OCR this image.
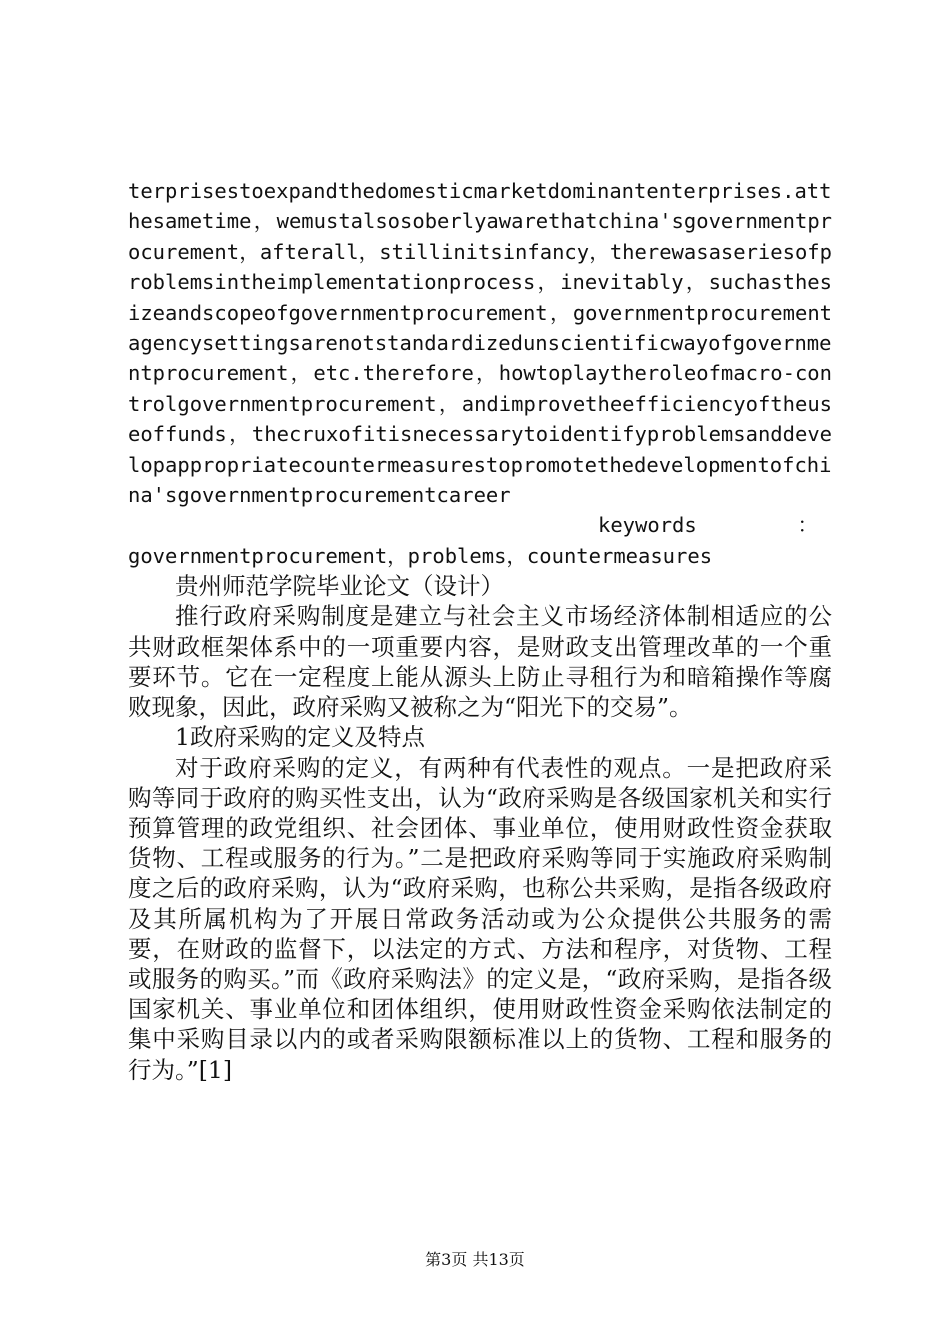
terprisestoexpandthedomesticmarketdominantenterprises.atthesametime，wemustalsosoberlyawarethatchina'sgovernmentprocurement，afterall，stillinitsinfancy，therewasaseriesofproblemsintheimplementationprocess，inevitably，suchasthesizeandscopeofgovernmentprocurement，governmentprocurementagencysettingsarenotstandardizedunscientificwayofgovernmentprocurement，etc.therefore，howtoplaytheroleofmacro-controlgovernmentprocurement，andimprovetheefficiencyoftheuseoffunds，thecruxofitisnecessarytoidentifyproblemsanddevelopappropriatecountermeasurestopromotethedevelopmentofchina'sgovernmentprocurementcareer

keywords	：

governmentprocurement，problems，countermeasures

贵州师范学院毕业论文（设计）

推行政府采购制度是建立与社会主义市场经济体制相适应的公共财政框架体系中的一项重要内容，是财政支出管理改革的一个重要环节。它在一定程度上能从源头上防止寻租行为和暗箱操作等腐败现象，因此，政府采购又被称之为“阳光下的交易”。

1政府采购的定义及特点

对于政府采购的定义，有两种有代表性的观点。一是把政府采购等同于政府的购买性支出，认为“政府采购是各级国家机关和实行预算管理的政党组织、社会团体、事业单位，使用财政性资金获取货物、工程或服务的行为。”二是把政府采购等同于实施政府采购制度之后的政府采购，认为“政府采购，也称公共采购，是指各级政府及其所属机构为了开展日常政务活动或为公众提供公共服务的需要，在财政的监督下，以法定的方式、方法和程序，对货物、工程或服务的购买。”而《政府采购法》的定义是，“政府采购，是指各级国家机关、事业单位和团体组织，使用财政性资金采购依法制定的集中采购目录以内的或者采购限额标准以上的货物、工程和服务的行为。”[1]

第3页 共13页
